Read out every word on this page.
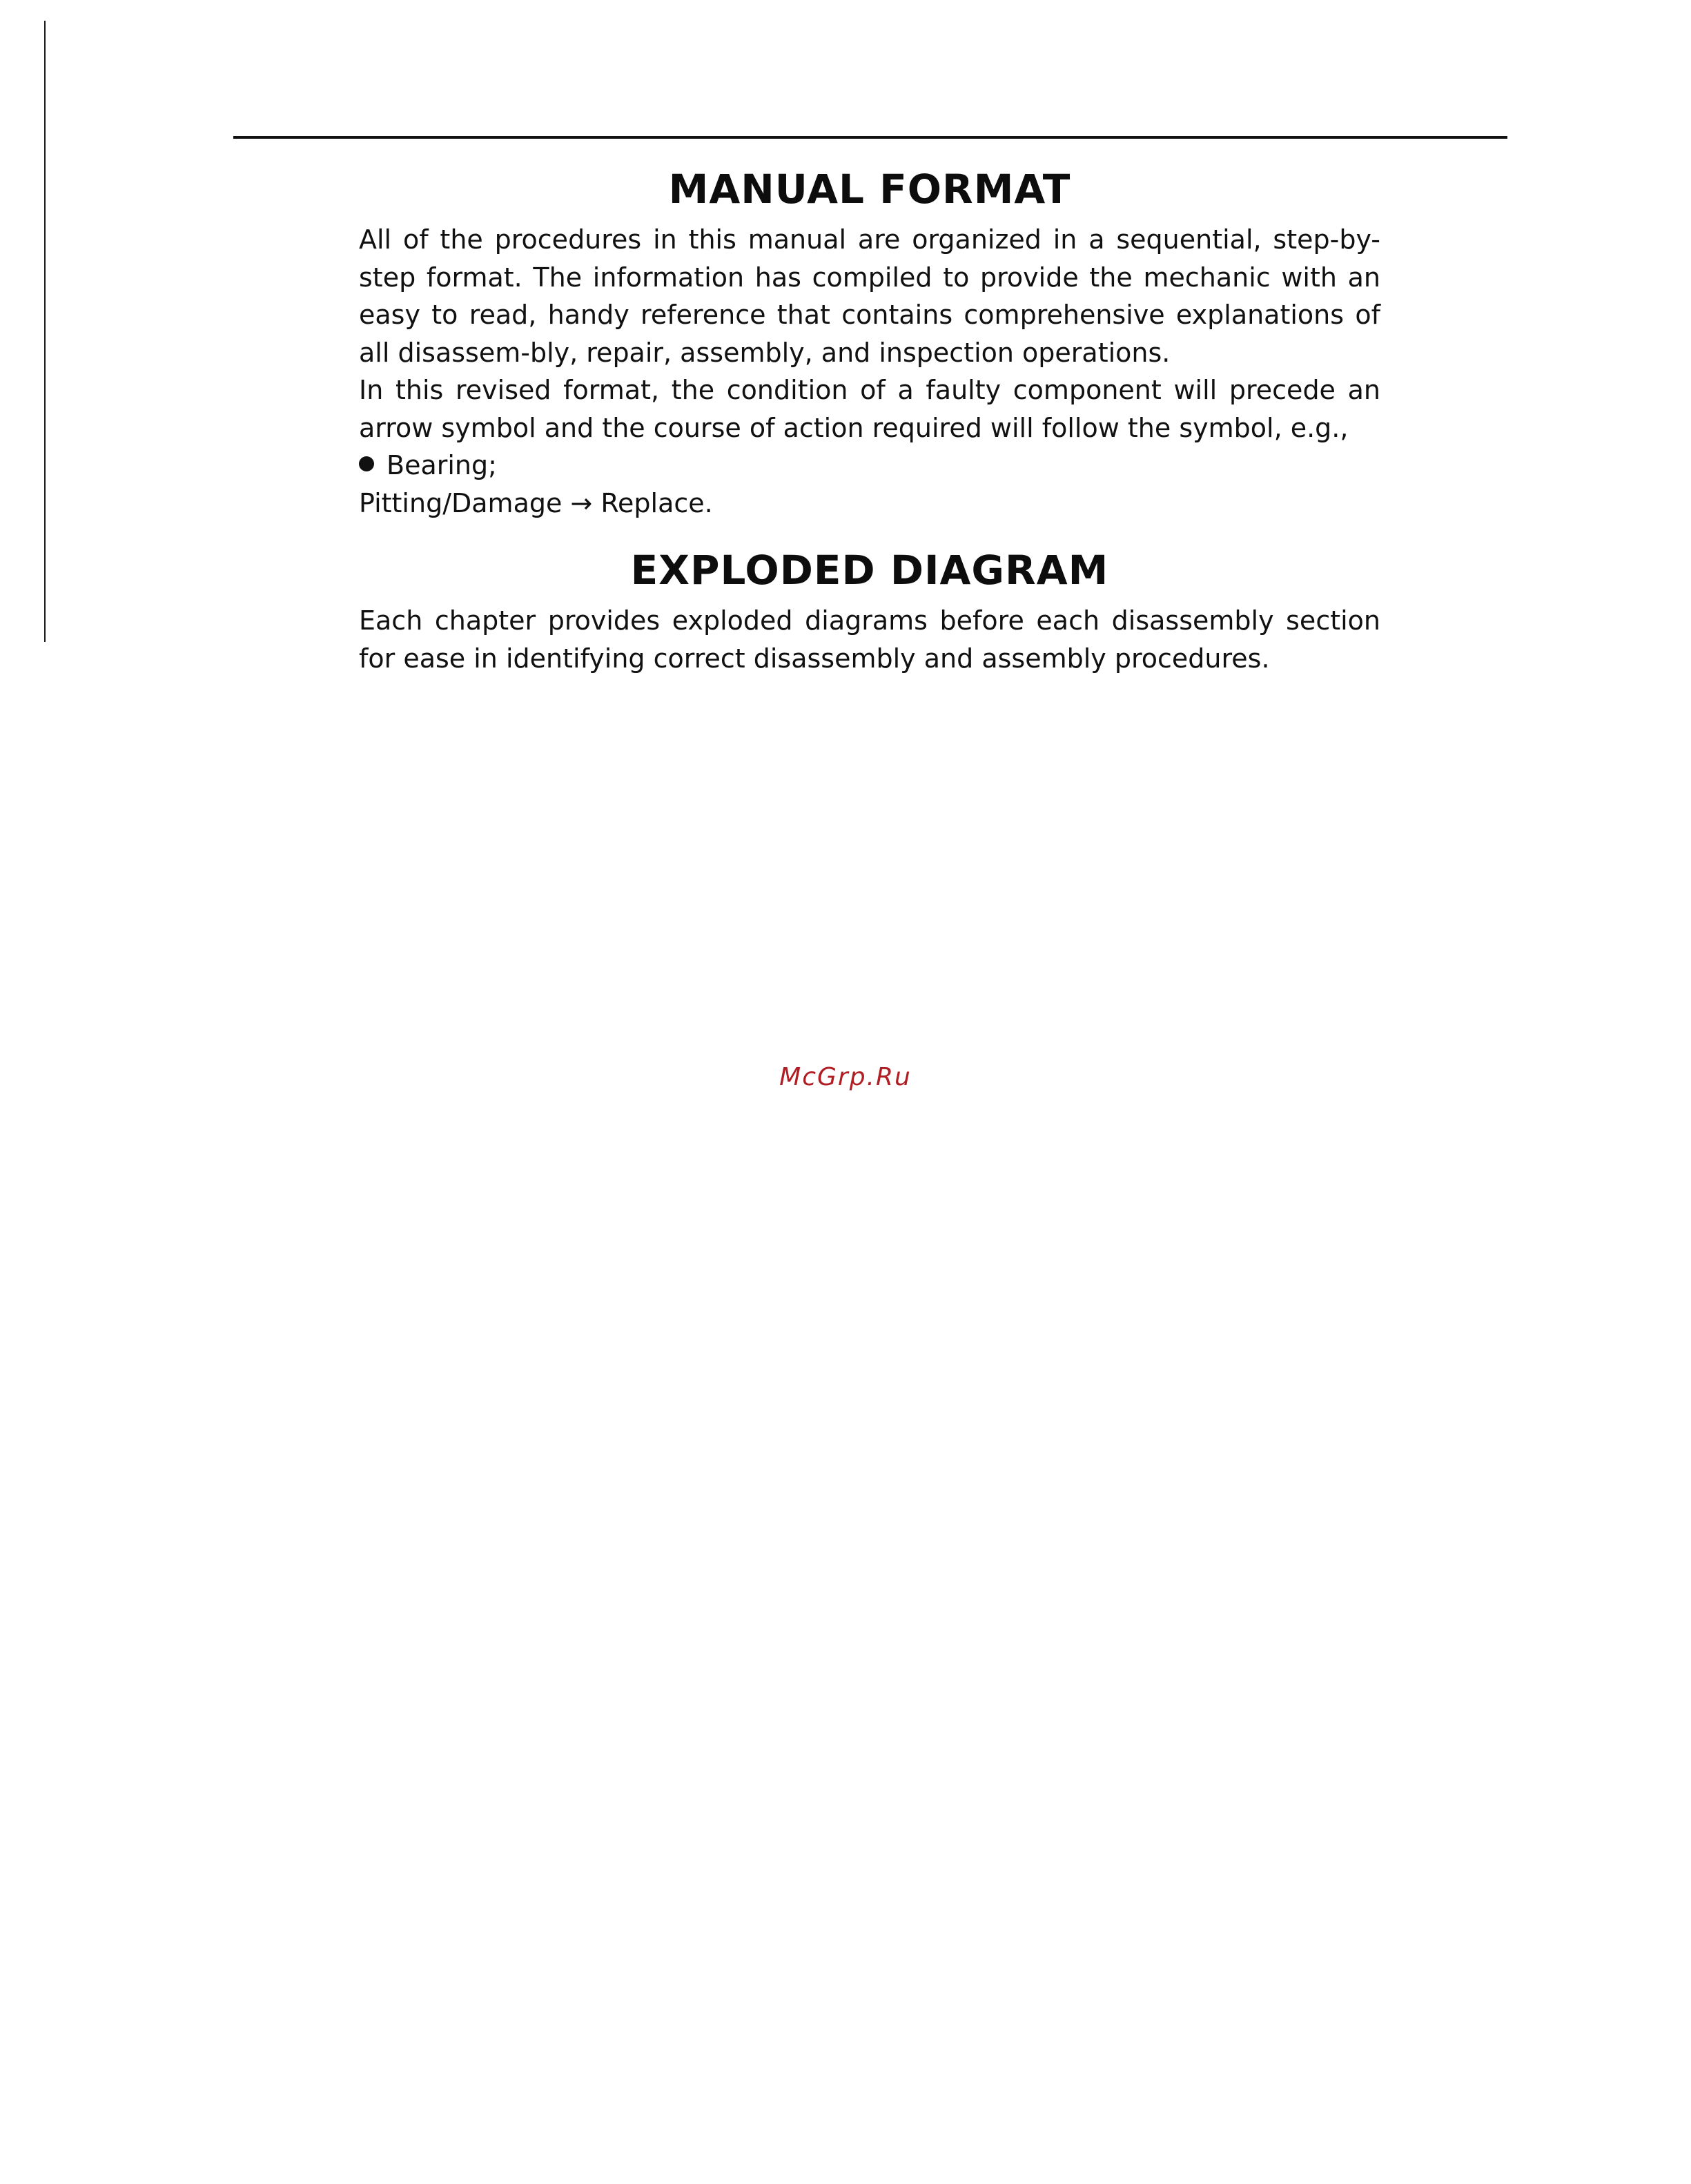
MANUAL FORMAT

All of the procedures in this manual are organized in a sequential, step-by-step format. The information has compiled to provide the mechanic with an easy to read, handy reference that contains comprehensive explanations of all disassem-bly, repair, assembly, and inspection operations.

In this revised format, the condition of a faulty component will precede an arrow symbol and the course of action required will follow the symbol, e.g.,

Bearing;

Pitting/Damage → Replace.

EXPLODED DIAGRAM

Each chapter provides exploded diagrams before each disassembly section for ease in identifying correct disassembly and assembly procedures.

McGrp.Ru
